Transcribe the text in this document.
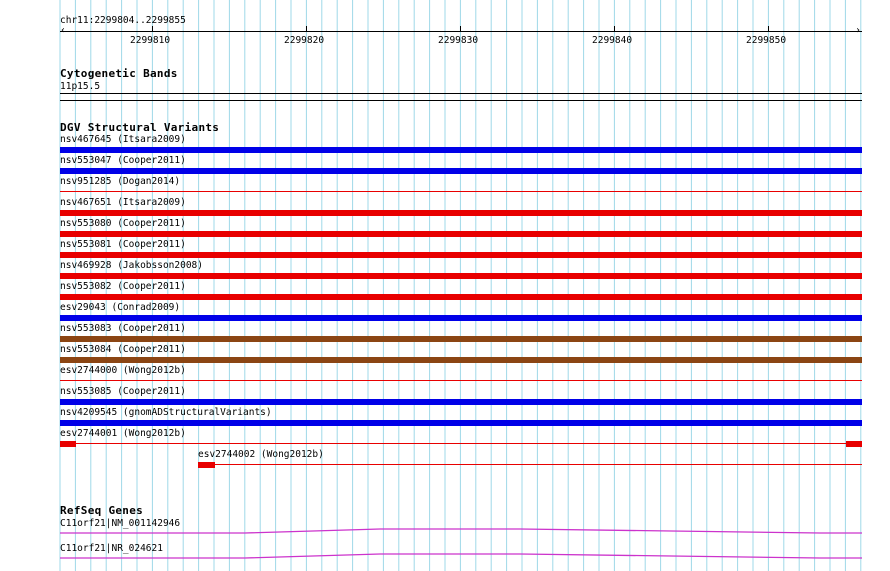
chr11:2299804..2299855
‹	›
2299810	2299820	2299830	2299840	2299850
Cytogenetic Bands
11p15.5
DGV Structural Variants
nsv467645 (Itsara2009)
nsv553047 (Cooper2011)
nsv951285 (Dogan2014)
nsv467651 (Itsara2009)
nsv553080 (Cooper2011)
nsv553081 (Cooper2011)
nsv469928 (Jakobsson2008)
nsv553082 (Cooper2011)
esv29043 (Conrad2009)
nsv553083 (Cooper2011)
nsv553084 (Cooper2011)
esv2744000 (Wong2012b)
nsv553085 (Cooper2011)
nsv4209545 (gnomADStructuralVariants)
esv2744001 (Wong2012b)
esv2744002 (Wong2012b)
RefSeq Genes
C11orf21|NM_001142946
C11orf21|NR_024621
